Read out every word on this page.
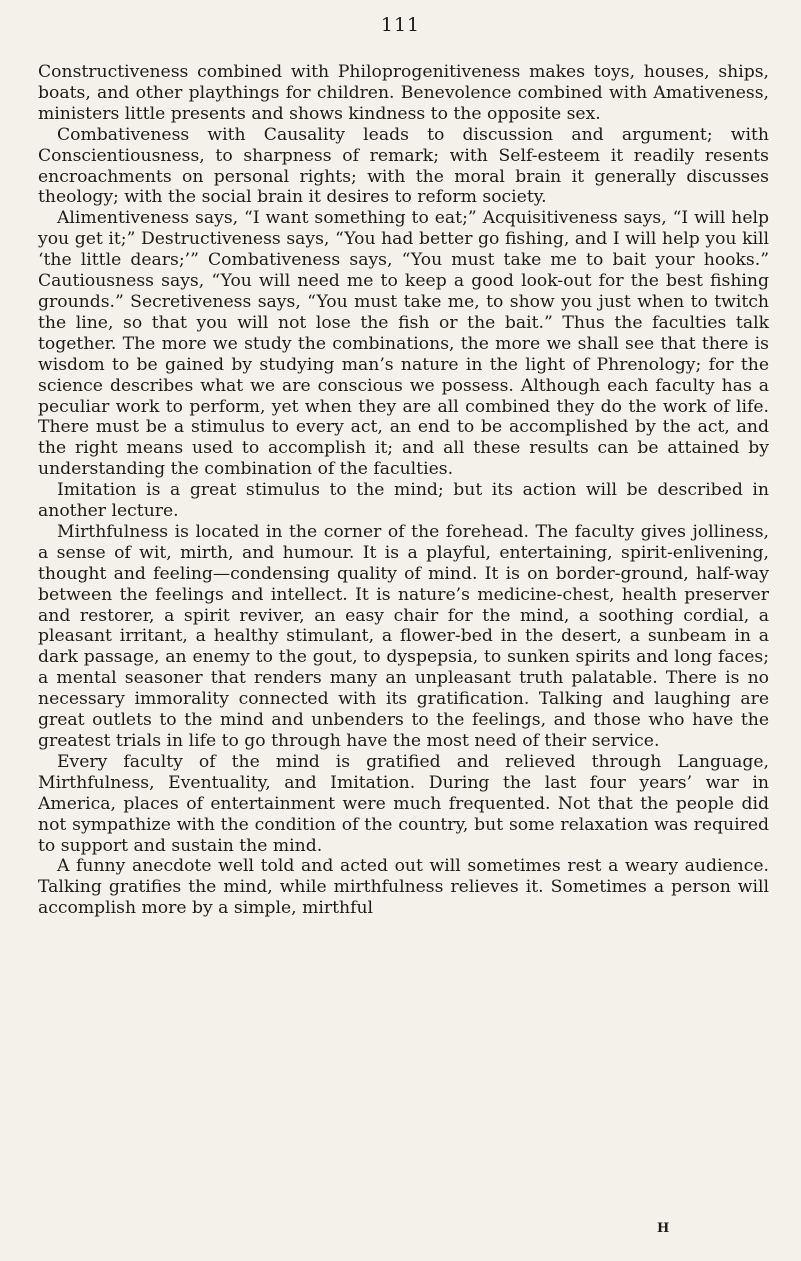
111

Constructiveness combined with Philoprogenitiveness makes toys, houses, ships, boats, and other playthings for children. Benevolence combined with Amativeness, ministers little presents and shows kindness to the opposite sex.

Combativeness with Causality leads to discussion and argument; with Conscientiousness, to sharpness of remark; with Self-esteem it readily resents encroachments on personal rights; with the moral brain it generally discusses theology; with the social brain it desires to reform society.

Alimentiveness says, “I want something to eat;” Acquisitiveness says, “I will help you get it;” Destructiveness says, “You had better go fishing, and I will help you kill ‘the little dears;’” Combativeness says, “You must take me to bait your hooks.” Cautiousness says, “You will need me to keep a good look-out for the best fishing grounds.” Secretiveness says, “You must take me, to show you just when to twitch the line, so that you will not lose the fish or the bait.” Thus the faculties talk together. The more we study the combinations, the more we shall see that there is wisdom to be gained by studying man’s nature in the light of Phrenology; for the science describes what we are conscious we possess. Although each faculty has a peculiar work to perform, yet when they are all combined they do the work of life. There must be a stimulus to every act, an end to be accomplished by the act, and the right means used to accomplish it; and all these results can be attained by understanding the combination of the faculties.

Imitation is a great stimulus to the mind; but its action will be described in another lecture.

Mirthfulness is located in the corner of the forehead. The faculty gives jolliness, a sense of wit, mirth, and humour. It is a playful, entertaining, spirit-enlivening, thought and feeling—condensing quality of mind. It is on border-ground, half-way between the feelings and intellect. It is nature’s medicine-chest, health preserver and restorer, a spirit reviver, an easy chair for the mind, a soothing cordial, a pleasant irritant, a healthy stimulant, a flower-bed in the desert, a sunbeam in a dark passage, an enemy to the gout, to dyspepsia, to sunken spirits and long faces; a mental seasoner that renders many an unpleasant truth palatable. There is no necessary immorality connected with its gratification. Talking and laughing are great outlets to the mind and unbenders to the feelings, and those who have the greatest trials in life to go through have the most need of their service.

Every faculty of the mind is gratified and relieved through Language, Mirthfulness, Eventuality, and Imitation. During the last four years’ war in America, places of entertainment were much frequented. Not that the people did not sympathize with the condition of the country, but some relaxation was required to support and sustain the mind.

A funny anecdote well told and acted out will sometimes rest a weary audience. Talking gratifies the mind, while mirthfulness relieves it. Sometimes a person will accomplish more by a simple, mirthful

H
